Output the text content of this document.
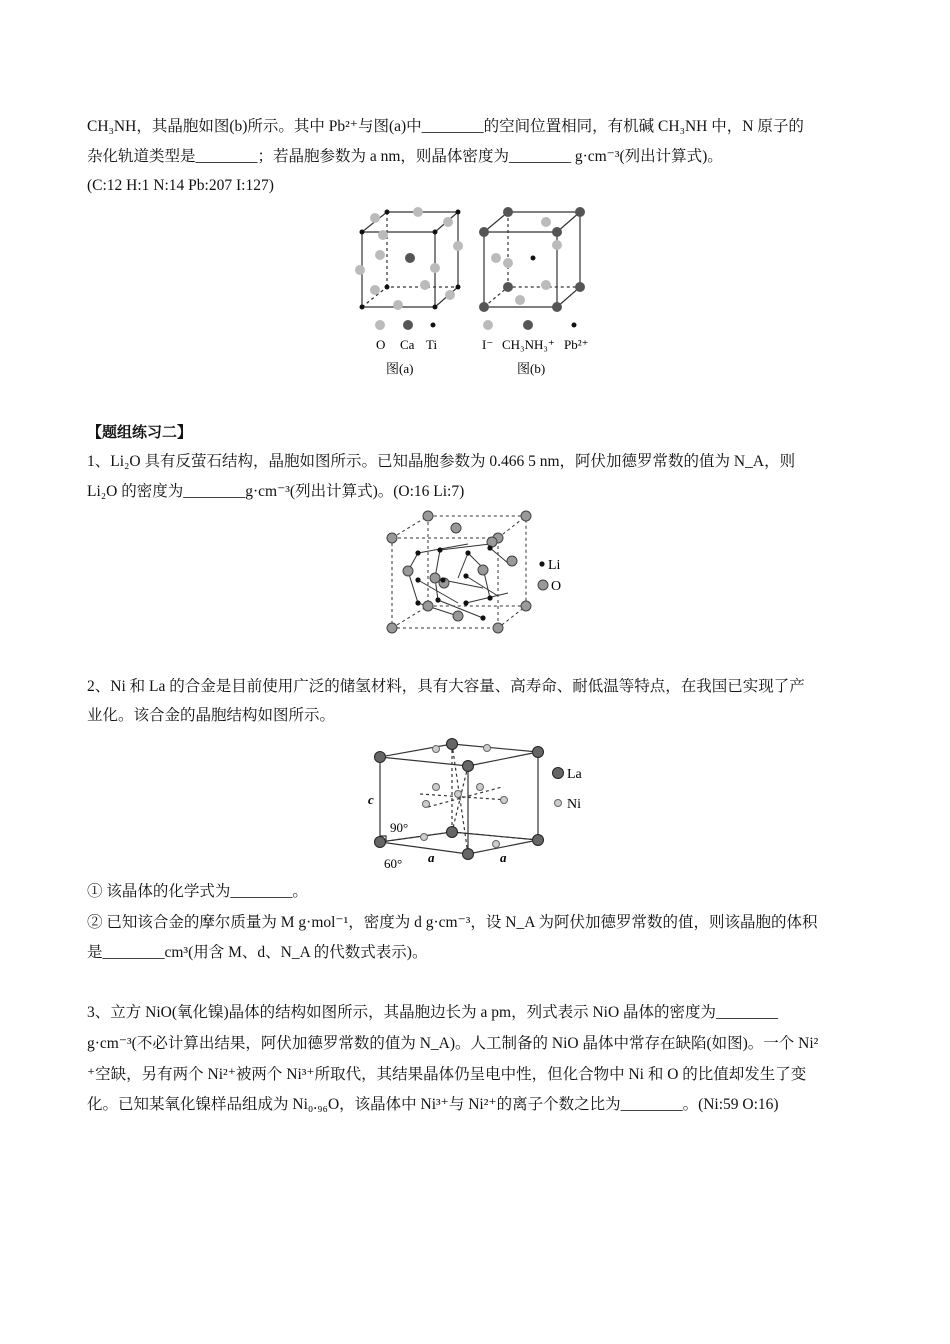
CH₃NH，其晶胞如图(b)所示。其中 Pb²⁺与图(a)中________的空间位置相同，有机碱 CH₃NH 中，N 原子的
杂化轨道类型是________；若晶胞参数为 a nm，则晶体密度为________ g·cm⁻³(列出计算式)。
(C:12 H:1 N:14 Pb:207 I:127)
O Ca Ti
图(a)
I⁻ CH₃NH₃⁺ Pb²⁺
图(b)
【题组练习二】
1、Li₂O 具有反萤石结构，晶胞如图所示。已知晶胞参数为 0.466 5 nm，阿伏加德罗常数的值为 N_A，则
Li₂O 的密度为________g·cm⁻³(列出计算式)。(O:16 Li:7)
Li
O
2、Ni 和 La 的合金是目前使用广泛的储氢材料，具有大容量、高寿命、耐低温等特点，在我国已实现了产
业化。该合金的晶胞结构如图所示。
c
90°
60° a	a
La
Ni
① 该晶体的化学式为________。
② 已知该合金的摩尔质量为 M g·mol⁻¹，密度为 d g·cm⁻³，设 N_A 为阿伏加德罗常数的值，则该晶胞的体积
是________cm³(用含 M、d、N_A 的代数式表示)。
3、立方 NiO(氧化镍)晶体的结构如图所示，其晶胞边长为 a pm，列式表示 NiO 晶体的密度为________
g·cm⁻³(不必计算出结果，阿伏加德罗常数的值为 N_A)。人工制备的 NiO 晶体中常存在缺陷(如图)。一个 Ni²
⁺空缺，另有两个 Ni²⁺被两个 Ni³⁺所取代，其结果晶体仍呈电中性，但化合物中 Ni 和 O 的比值却发生了变
化。已知某氧化镍样品组成为 Ni₀.₉₆O，该晶体中 Ni³⁺与 Ni²⁺的离子个数之比为________。(Ni:59 O:16)
